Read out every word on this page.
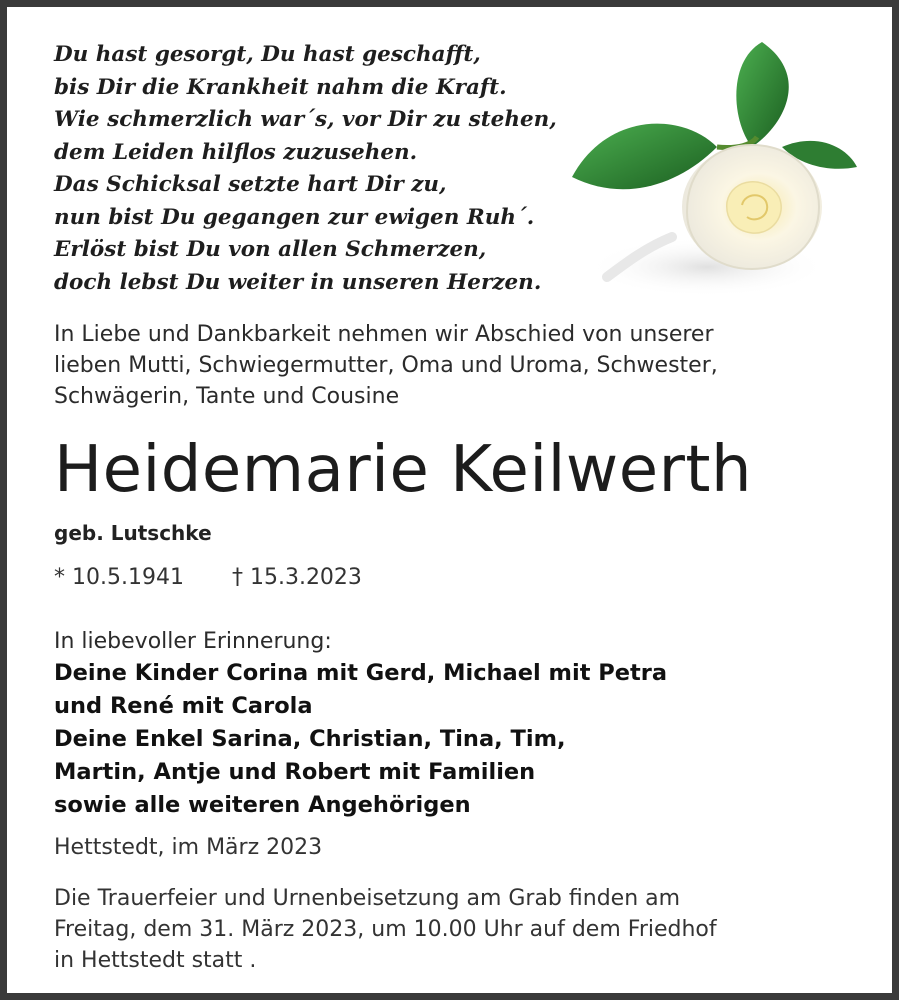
Du hast gesorgt, Du hast geschafft,
bis Dir die Krankheit nahm die Kraft.
Wie schmerzlich war´s, vor Dir zu stehen,
dem Leiden hilflos zuzusehen.
Das Schicksal setzte hart Dir zu,
nun bist Du gegangen zur ewigen Ruh´.
Erlöst bist Du von allen Schmerzen,
doch lebst Du weiter in unseren Herzen.
In Liebe und Dankbarkeit nehmen wir Abschied von unserer
lieben Mutti, Schwiegermutter, Oma und Uroma, Schwester,
Schwägerin, Tante und Cousine
Heidemarie Keilwerth
geb. Lutschke
* 10.5.1941 † 15.3.2023
In liebevoller Erinnerung:
Deine Kinder Corina mit Gerd, Michael mit Petra
und René mit Carola
Deine Enkel Sarina, Christian, Tina, Tim,
Martin, Antje und Robert mit Familien
sowie alle weiteren Angehörigen
Hettstedt, im März 2023
Die Trauerfeier und Urnenbeisetzung am Grab finden am
Freitag, dem 31. März 2023, um 10.00 Uhr auf dem Friedhof
in Hettstedt statt .
